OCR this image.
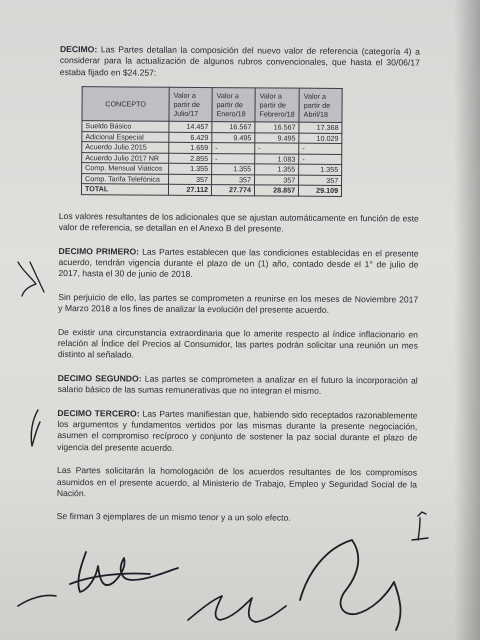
DECIMO: Las Partes detallan la composición del nuevo valor de referencia (categoría 4) a considerar para la actualización de algunos rubros convencionales, que hasta el 30/06/17 estaba fijado en $24.257:

CONCEPTO	Valor a partir de Julio/17	Valor a partir de Enero/18	Valor a partir de Febrero/18	Valor a partir de Abril/18
Sueldo Básico	14.457	16.567	16.567	17.368
Adicional Especial	6.429	9.495	9.495	10.029
Acuerdo Julio 2015	1.659	-	-	-
Acuerdo Julio 2017 NR	2.855	-	1.083	-
Comp. Mensual Viáticos	1.355	1.355	1.355	1.355
Comp. Tarifa Telefónica	357	357	357	357
TOTAL	27.112	27.774	28.857	29.109

Los valores resultantes de los adicionales que se ajustan automáticamente en función de este valor de referencia, se detallan en el Anexo B del presente.

DECIMO PRIMERO: Las Partes establecen que las condiciones establecidas en el presente acuerdo, tendrán vigencia durante el plazo de un (1) año, contado desde el 1° de julio de 2017, hasta el 30 de junio de 2018.

Sin perjuicio de ello, las partes se comprometen a reunirse en los meses de Noviembre 2017 y Marzo 2018 a los fines de analizar la evolución del presente acuerdo.

De existir una circunstancia extraordinaria que lo amerite respecto al índice inflacionario en relación al Índice del Precios al Consumidor, las partes podrán solicitar una reunión un mes distinto al señalado.

DECIMO SEGUNDO: Las partes se comprometen a analizar en el futuro la incorporación al salario básico de las sumas remunerativas que no integran el mismo.

DECIMO TERCERO: Las Partes manifiestan que, habiendo sido receptados razonablemente los argumentos y fundamentos vertidos por las mismas durante la presente negociación, asumen el compromiso recíproco y conjunto de sostener la paz social durante el plazo de vigencia del presente acuerdo.

Las Partes solicitarán la homologación de los acuerdos resultantes de los compromisos asumidos en el presente acuerdo, al Ministerio de Trabajo, Empleo y Seguridad Social de la Nación.

Se firman 3 ejemplares de un mismo tenor y a un solo efecto.
